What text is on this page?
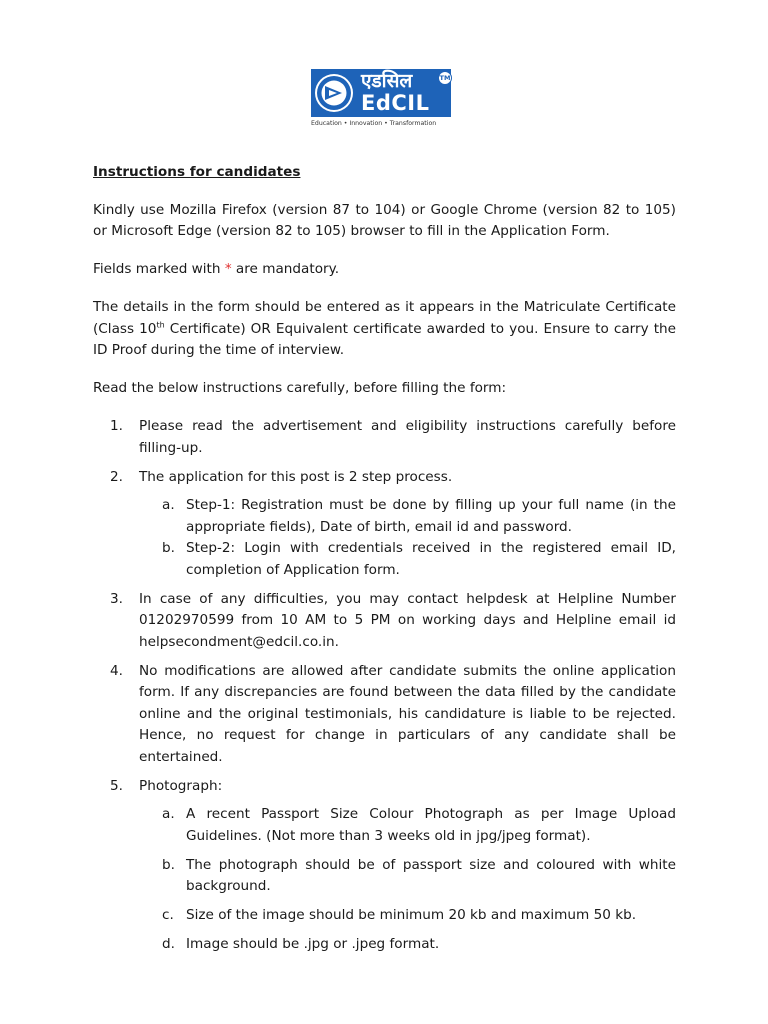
एडसिल
EdCIL
TM
Education • Innovation • Transformation

Instructions for candidates

Kindly use Mozilla Firefox (version 87 to 104) or Google Chrome (version 82 to 105) or Microsoft Edge (version 82 to 105) browser to fill in the Application Form.

Fields marked with * are mandatory.

The details in the form should be entered as it appears in the Matriculate Certificate (Class 10th Certificate) OR Equivalent certificate awarded to you. Ensure to carry the ID Proof during the time of interview.

Read the below instructions carefully, before filling the form:

1. Please read the advertisement and eligibility instructions carefully before filling-up.
2. The application for this post is 2 step process.
a. Step-1: Registration must be done by filling up your full name (in the appropriate fields), Date of birth, email id and password.
b. Step-2: Login with credentials received in the registered email ID, completion of Application form.
3. In case of any difficulties, you may contact helpdesk at Helpline Number 01202970599 from 10 AM to 5 PM on working days and Helpline email id helpsecondment@edcil.co.in.
4. No modifications are allowed after candidate submits the online application form. If any discrepancies are found between the data filled by the candidate online and the original testimonials, his candidature is liable to be rejected. Hence, no request for change in particulars of any candidate shall be entertained.
5. Photograph:
a. A recent Passport Size Colour Photograph as per Image Upload Guidelines. (Not more than 3 weeks old in jpg/jpeg format).
b. The photograph should be of passport size and coloured with white background.
c. Size of the image should be minimum 20 kb and maximum 50 kb.
d. Image should be .jpg or .jpeg format.
